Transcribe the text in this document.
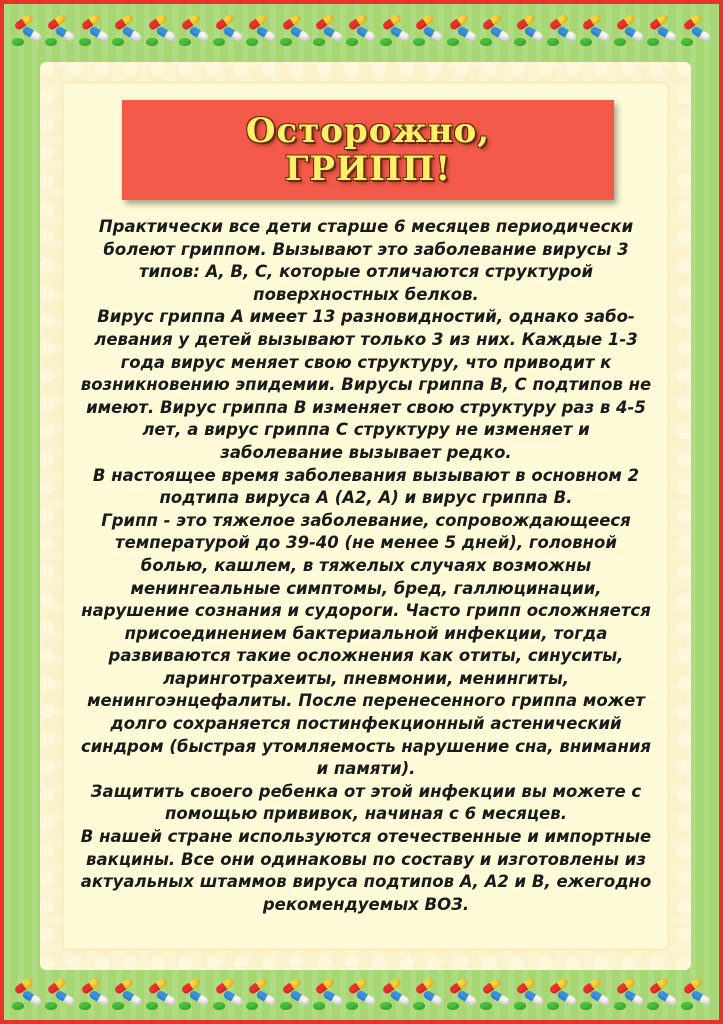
Осторожно,
ГРИПП!

Практически все дети старше 6 месяцев периодически болеют гриппом. Вызывают это заболевание вирусы 3 типов: А, В, С, которые отличаются структурой поверхностных белков.

Вирус гриппа А имеет 13 разновидностий, однако забо-левания у детей вызывают только 3 из них. Каждые 1-3 года вирус меняет свою структуру, что приводит к возникновению эпидемии. Вирусы гриппа В, С подтипов не имеют. Вирус гриппа В изменяет свою структуру раз в 4-5 лет, а вирус гриппа С структуру не изменяет и заболевание вызывает редко.

В настоящее время заболевания вызывают в основном 2 подтипа вируса А (А2, А) и вирус гриппа В.

Грипп - это тяжелое заболевание, сопровождающееся температурой до 39-40 (не менее 5 дней), головной болью, кашлем, в тяжелых случаях возможны менингеальные симптомы, бред, галлюцинации, нарушение сознания и судороги. Часто грипп осложняется присоединением бактериальной инфекции, тогда развиваются такие осложнения как отиты, синуситы, ларинготрахеиты, пневмонии, менингиты, менингоэнцефалиты. После перенесенного гриппа может долго сохраняется постинфекционный астенический синдром (быстрая утомляемость нарушение сна, внимания и памяти).

Защитить своего ребенка от этой инфекции вы можете с помощью прививок, начиная с 6 месяцев.

В нашей стране используются отечественные и импортные вакцины. Все они одинаковы по составу и изготовлены из актуальных штаммов вируса подтипов А, А2 и В, ежегодно рекомендуемых ВОЗ.
